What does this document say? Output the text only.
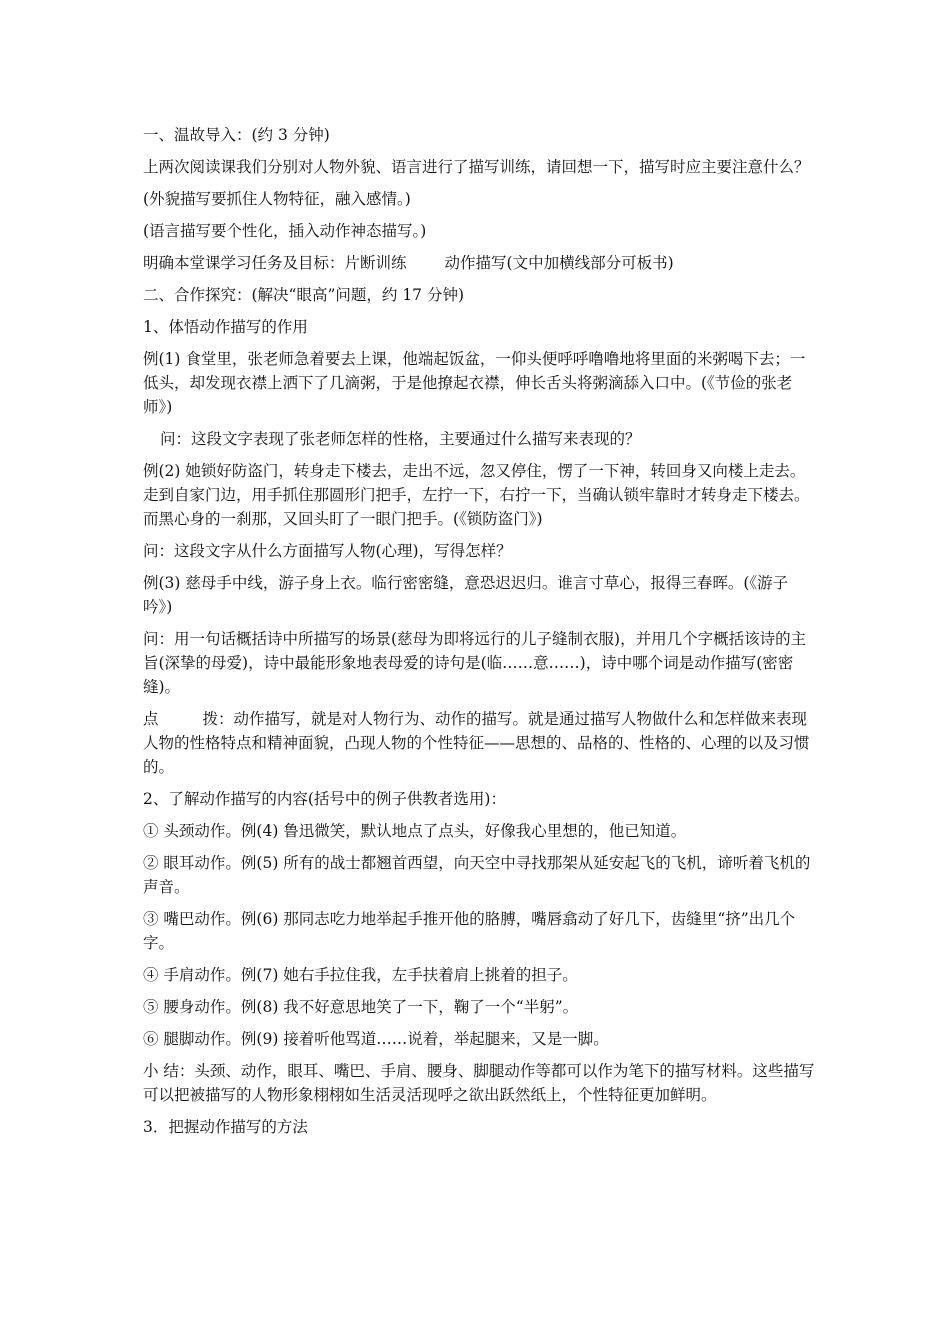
一、温故导入：(约 3 分钟)

上两次阅读课我们分别对人物外貌、语言进行了描写训练，请回想一下，描写时应主要注意什么？

(外貌描写要抓住人物特征，融入感情。)

(语言描写要个性化，插入动作神态描写。)

明确本堂课学习任务及目标：片断训练 动作描写(文中加横线部分可板书)

二、合作探究：(解决“眼高”问题，约 17 分钟)

1、体悟动作描写的作用

例(1) 食堂里，张老师急着要去上课，他端起饭盆，一仰头便呼呼噜噜地将里面的米粥喝下去；一低头，却发现衣襟上洒下了几滴粥，于是他撩起衣襟，伸长舌头将粥滴舔入口中。(《节俭的张老师》)

问：这段文字表现了张老师怎样的性格，主要通过什么描写来表现的？

例(2) 她锁好防盗门，转身走下楼去，走出不远，忽又停住，愣了一下神，转回身又向楼上走去。走到自家门边，用手抓住那圆形门把手，左拧一下，右拧一下，当确认锁牢靠时才转身走下楼去。而黑心身的一刹那，又回头盯了一眼门把手。(《锁防盗门》)

问：这段文字从什么方面描写人物(心理)，写得怎样？

例(3) 慈母手中线，游子身上衣。临行密密缝，意恐迟迟归。谁言寸草心，报得三春晖。(《游子吟》)

问：用一句话概括诗中所描写的场景(慈母为即将远行的儿子缝制衣服)，并用几个字概括该诗的主旨(深挚的母爱)，诗中最能形象地表母爱的诗句是(临……意……)，诗中哪个词是动作描写(密密缝)。

点	拨：动作描写，就是对人物行为、动作的描写。就是通过描写人物做什么和怎样做来表现人物的性格特点和精神面貌，凸现人物的个性特征——思想的、品格的、性格的、心理的以及习惯的。

2、了解动作描写的内容(括号中的例子供教者选用)：

① 头颈动作。例(4) 鲁迅微笑，默认地点了点头，好像我心里想的，他已知道。

② 眼耳动作。例(5) 所有的战士都翘首西望，向天空中寻找那架从延安起飞的飞机，谛听着飞机的声音。

③ 嘴巴动作。例(6) 那同志吃力地举起手推开他的胳膊，嘴唇翕动了好几下，齿缝里“挤”出几个字。

④ 手肩动作。例(7) 她右手拉住我，左手扶着肩上挑着的担子。

⑤ 腰身动作。例(8) 我不好意思地笑了一下，鞠了一个“半躬”。

⑥ 腿脚动作。例(9) 接着听他骂道……说着，举起腿来，又是一脚。

小 结：头颈、动作，眼耳、嘴巴、手肩、腰身、脚腿动作等都可以作为笔下的描写材料。这些描写可以把被描写的人物形象栩栩如生活灵活现呼之欲出跃然纸上，个性特征更加鲜明。

3．把握动作描写的方法
